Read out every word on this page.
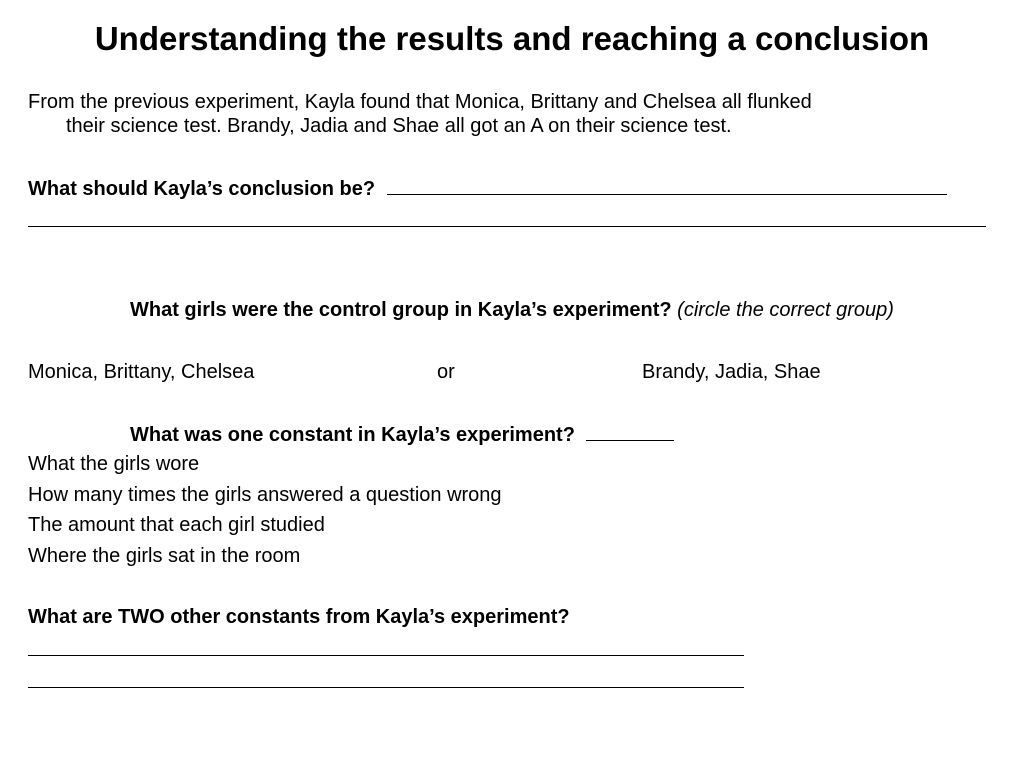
Understanding the results and reaching a conclusion
From the previous experiment, Kayla found that Monica, Brittany and Chelsea all flunked
their science test. Brandy, Jadia and Shae all got an A on their science test.
What should Kayla’s conclusion be?
What girls were the control group in Kayla’s experiment? (circle the correct group)
Monica, Brittany, Chelsea	or	Brandy, Jadia, Shae
What was one constant in Kayla’s experiment?
What the girls wore
How many times the girls answered a question wrong
The amount that each girl studied
Where the girls sat in the room
What are TWO other constants from Kayla’s experiment?
